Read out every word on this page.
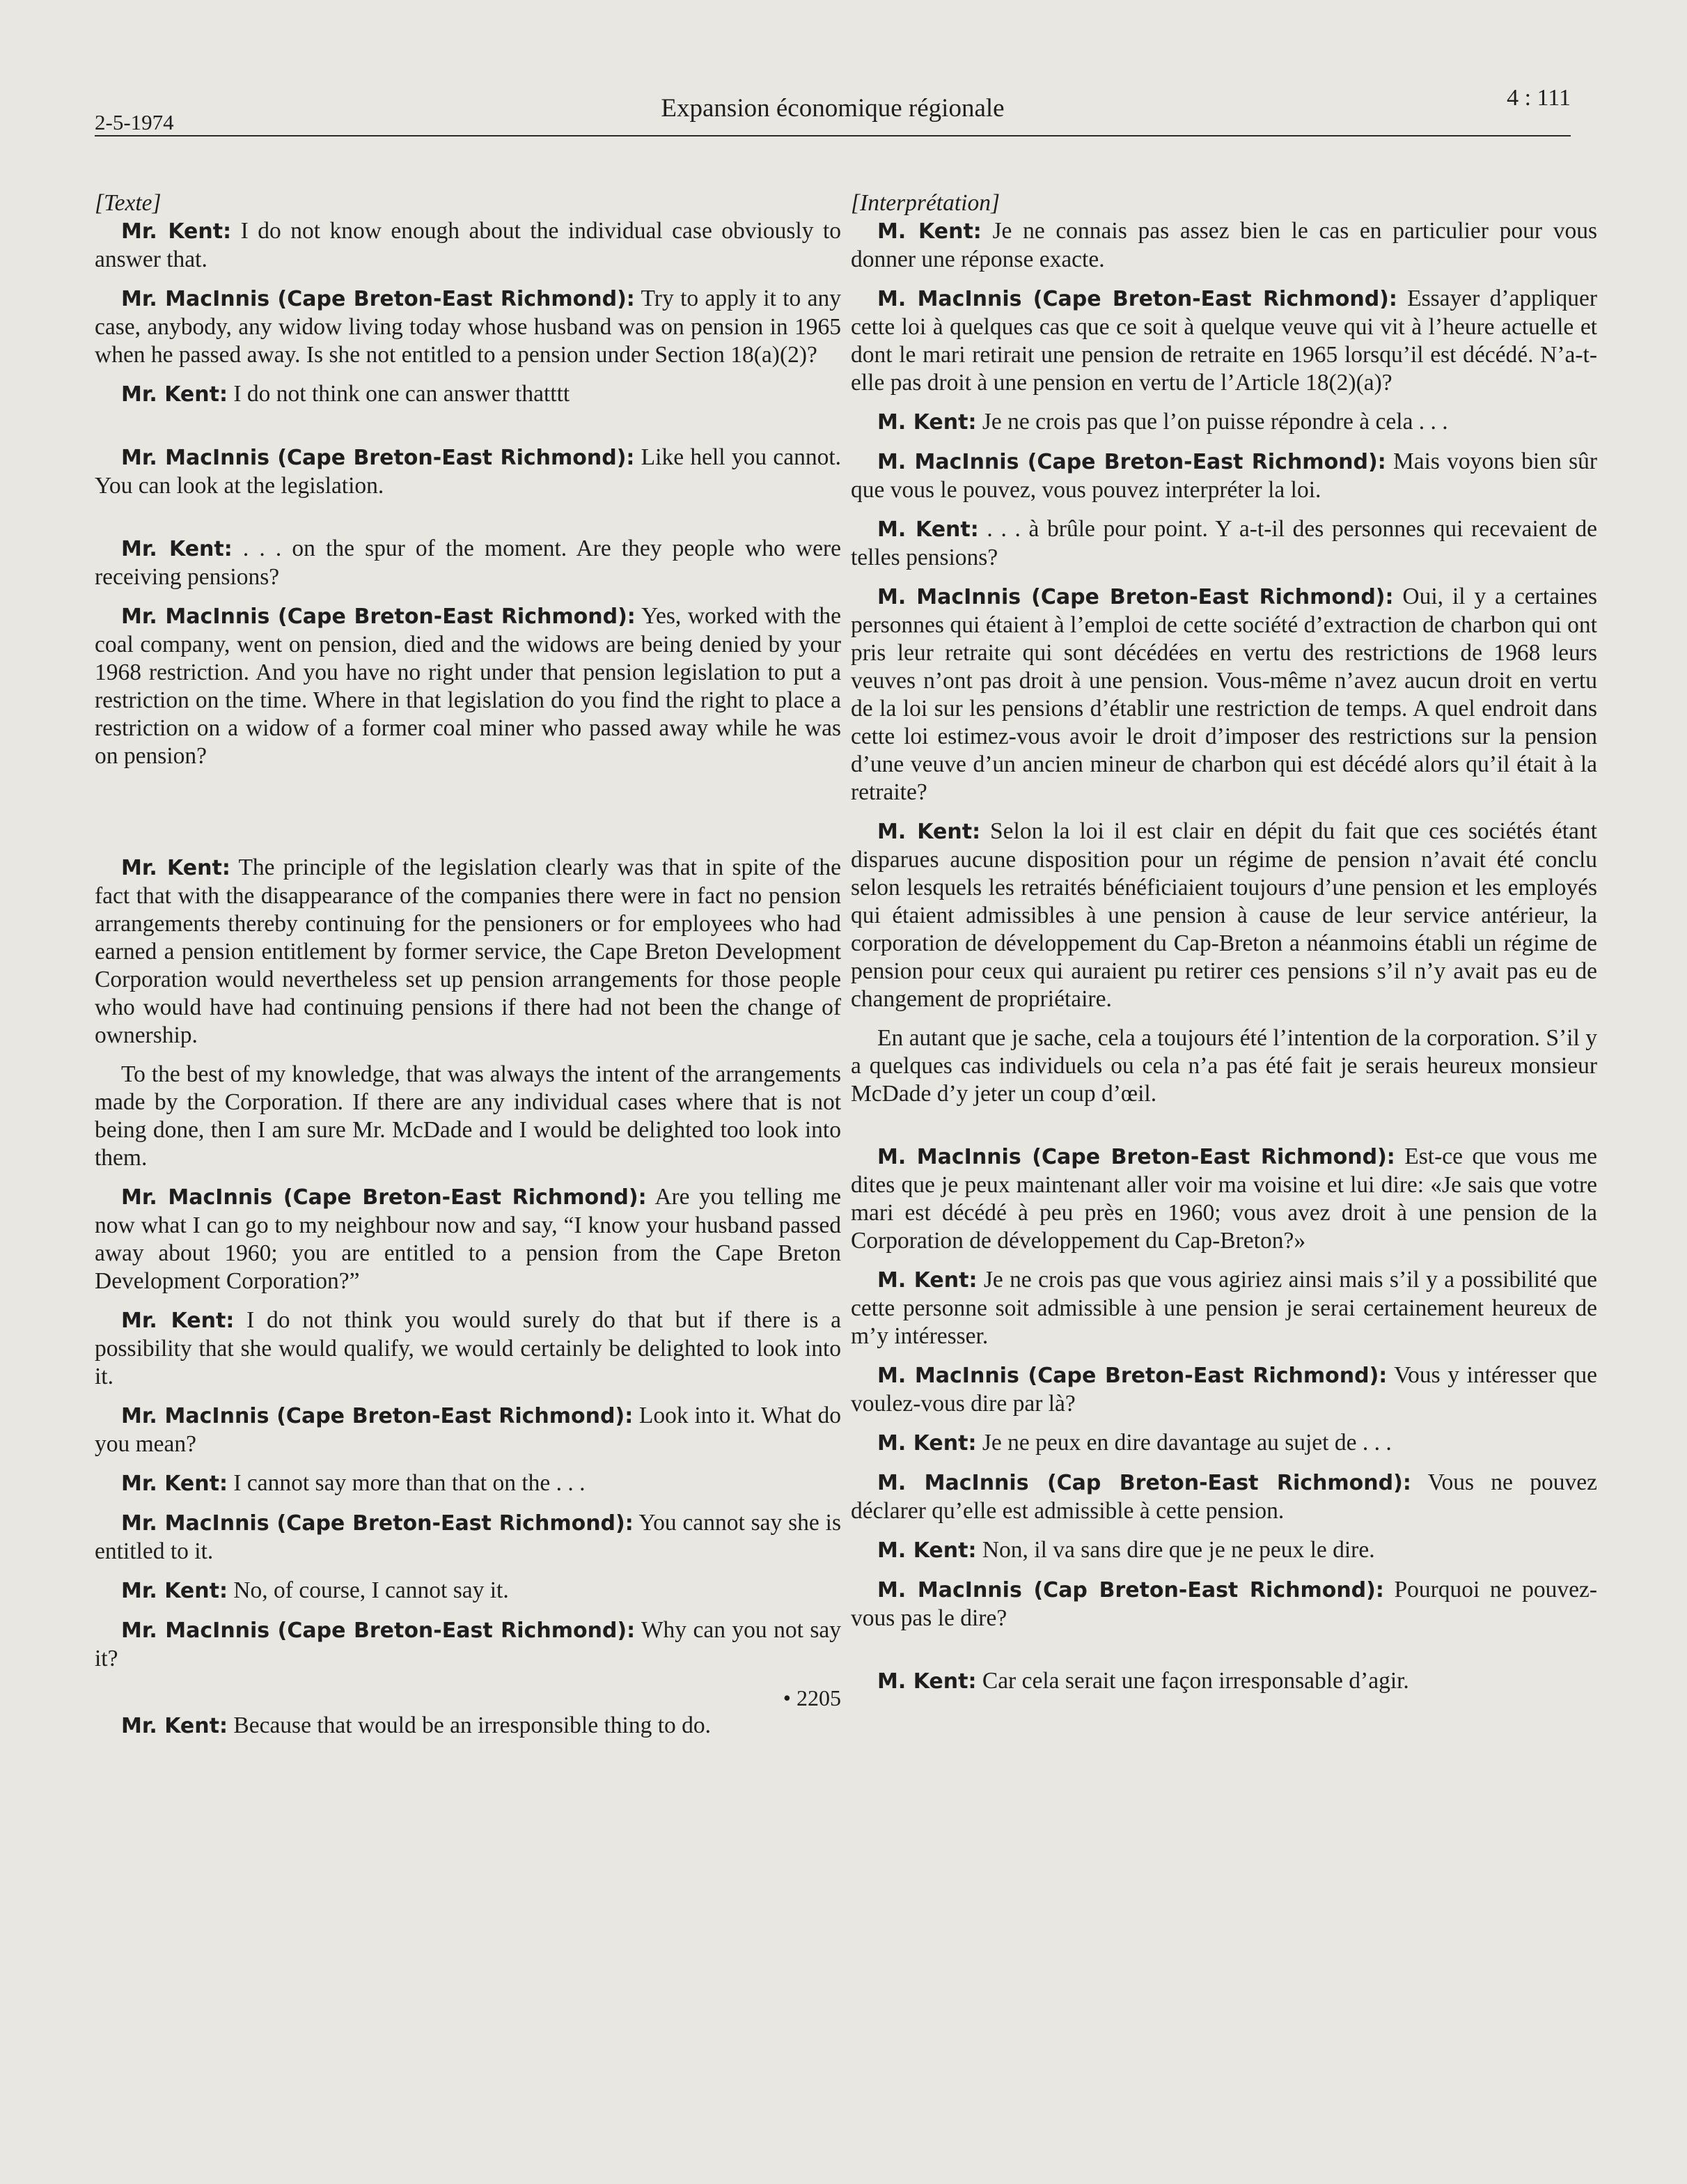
2-5-1974	Expansion économique régionale	4 : 111

[Texte]

Mr. Kent: I do not know enough about the individual case obviously to answer that.

Mr. MacInnis (Cape Breton-East Richmond): Try to apply it to any case, anybody, any widow living today whose husband was on pension in 1965 when he passed away. Is she not entitled to a pension under Section 18(a)(2)?

Mr. Kent: I do not think one can answer thatttt

Mr. MacInnis (Cape Breton-East Richmond): Like hell you cannot. You can look at the legislation.

Mr. Kent: . . . on the spur of the moment. Are they people who were receiving pensions?

Mr. MacInnis (Cape Breton-East Richmond): Yes, worked with the coal company, went on pension, died and the widows are being denied by your 1968 restriction. And you have no right under that pension legislation to put a restriction on the time. Where in that legislation do you find the right to place a restriction on a widow of a former coal miner who passed away while he was on pension?

Mr. Kent: The principle of the legislation clearly was that in spite of the fact that with the disappearance of the companies there were in fact no pension arrangements thereby continuing for the pensioners or for employees who had earned a pension entitlement by former service, the Cape Breton Development Corporation would nevertheless set up pension arrangements for those people who would have had continuing pensions if there had not been the change of ownership.

To the best of my knowledge, that was always the intent of the arrangements made by the Corporation. If there are any individual cases where that is not being done, then I am sure Mr. McDade and I would be delighted too look into them.

Mr. MacInnis (Cape Breton-East Richmond): Are you telling me now what I can go to my neighbour now and say, “I know your husband passed away about 1960; you are entitled to a pension from the Cape Breton Development Corporation?”

Mr. Kent: I do not think you would surely do that but if there is a possibility that she would qualify, we would certainly be delighted to look into it.

Mr. MacInnis (Cape Breton-East Richmond): Look into it. What do you mean?

Mr. Kent: I cannot say more than that on the . . .

Mr. MacInnis (Cape Breton-East Richmond): You cannot say she is entitled to it.

Mr. Kent: No, of course, I cannot say it.

Mr. MacInnis (Cape Breton-East Richmond): Why can you not say it?

• 2205

Mr. Kent: Because that would be an irresponsible thing to do.

[Interprétation]

M. Kent: Je ne connais pas assez bien le cas en particulier pour vous donner une réponse exacte.

M. MacInnis (Cape Breton-East Richmond): Essayer d’appliquer cette loi à quelques cas que ce soit à quelque veuve qui vit à l’heure actuelle et dont le mari retirait une pension de retraite en 1965 lorsqu’il est décédé. N’a-t-elle pas droit à une pension en vertu de l’Article 18(2)(a)?

M. Kent: Je ne crois pas que l’on puisse répondre à cela . . .

M. MacInnis (Cape Breton-East Richmond): Mais voyons bien sûr que vous le pouvez, vous pouvez interpréter la loi.

M. Kent: . . . à brûle pour point. Y a-t-il des personnes qui recevaient de telles pensions?

M. MacInnis (Cape Breton-East Richmond): Oui, il y a certaines personnes qui étaient à l’emploi de cette société d’extraction de charbon qui ont pris leur retraite qui sont décédées en vertu des restrictions de 1968 leurs veuves n’ont pas droit à une pension. Vous-même n’avez aucun droit en vertu de la loi sur les pensions d’établir une restriction de temps. A quel endroit dans cette loi estimez-vous avoir le droit d’imposer des restrictions sur la pension d’une veuve d’un ancien mineur de charbon qui est décédé alors qu’il était à la retraite?

M. Kent: Selon la loi il est clair en dépit du fait que ces sociétés étant disparues aucune disposition pour un régime de pension n’avait été conclu selon lesquels les retraités bénéficiaient toujours d’une pension et les employés qui étaient admissibles à une pension à cause de leur service antérieur, la corporation de développement du Cap-Breton a néanmoins établi un régime de pension pour ceux qui auraient pu retirer ces pensions s’il n’y avait pas eu de changement de propriétaire.

En autant que je sache, cela a toujours été l’intention de la corporation. S’il y a quelques cas individuels ou cela n’a pas été fait je serais heureux monsieur McDade d’y jeter un coup d’œil.

M. MacInnis (Cape Breton-East Richmond): Est-ce que vous me dites que je peux maintenant aller voir ma voisine et lui dire: «Je sais que votre mari est décédé à peu près en 1960; vous avez droit à une pension de la Corporation de développement du Cap-Breton?»

M. Kent: Je ne crois pas que vous agiriez ainsi mais s’il y a possibilité que cette personne soit admissible à une pension je serai certainement heureux de m’y intéresser.

M. MacInnis (Cape Breton-East Richmond): Vous y intéresser que voulez-vous dire par là?

M. Kent: Je ne peux en dire davantage au sujet de . . .

M. MacInnis (Cap Breton-East Richmond): Vous ne pouvez déclarer qu’elle est admissible à cette pension.

M. Kent: Non, il va sans dire que je ne peux le dire.

M. MacInnis (Cap Breton-East Richmond): Pourquoi ne pouvez-vous pas le dire?

M. Kent: Car cela serait une façon irresponsable d’agir.
